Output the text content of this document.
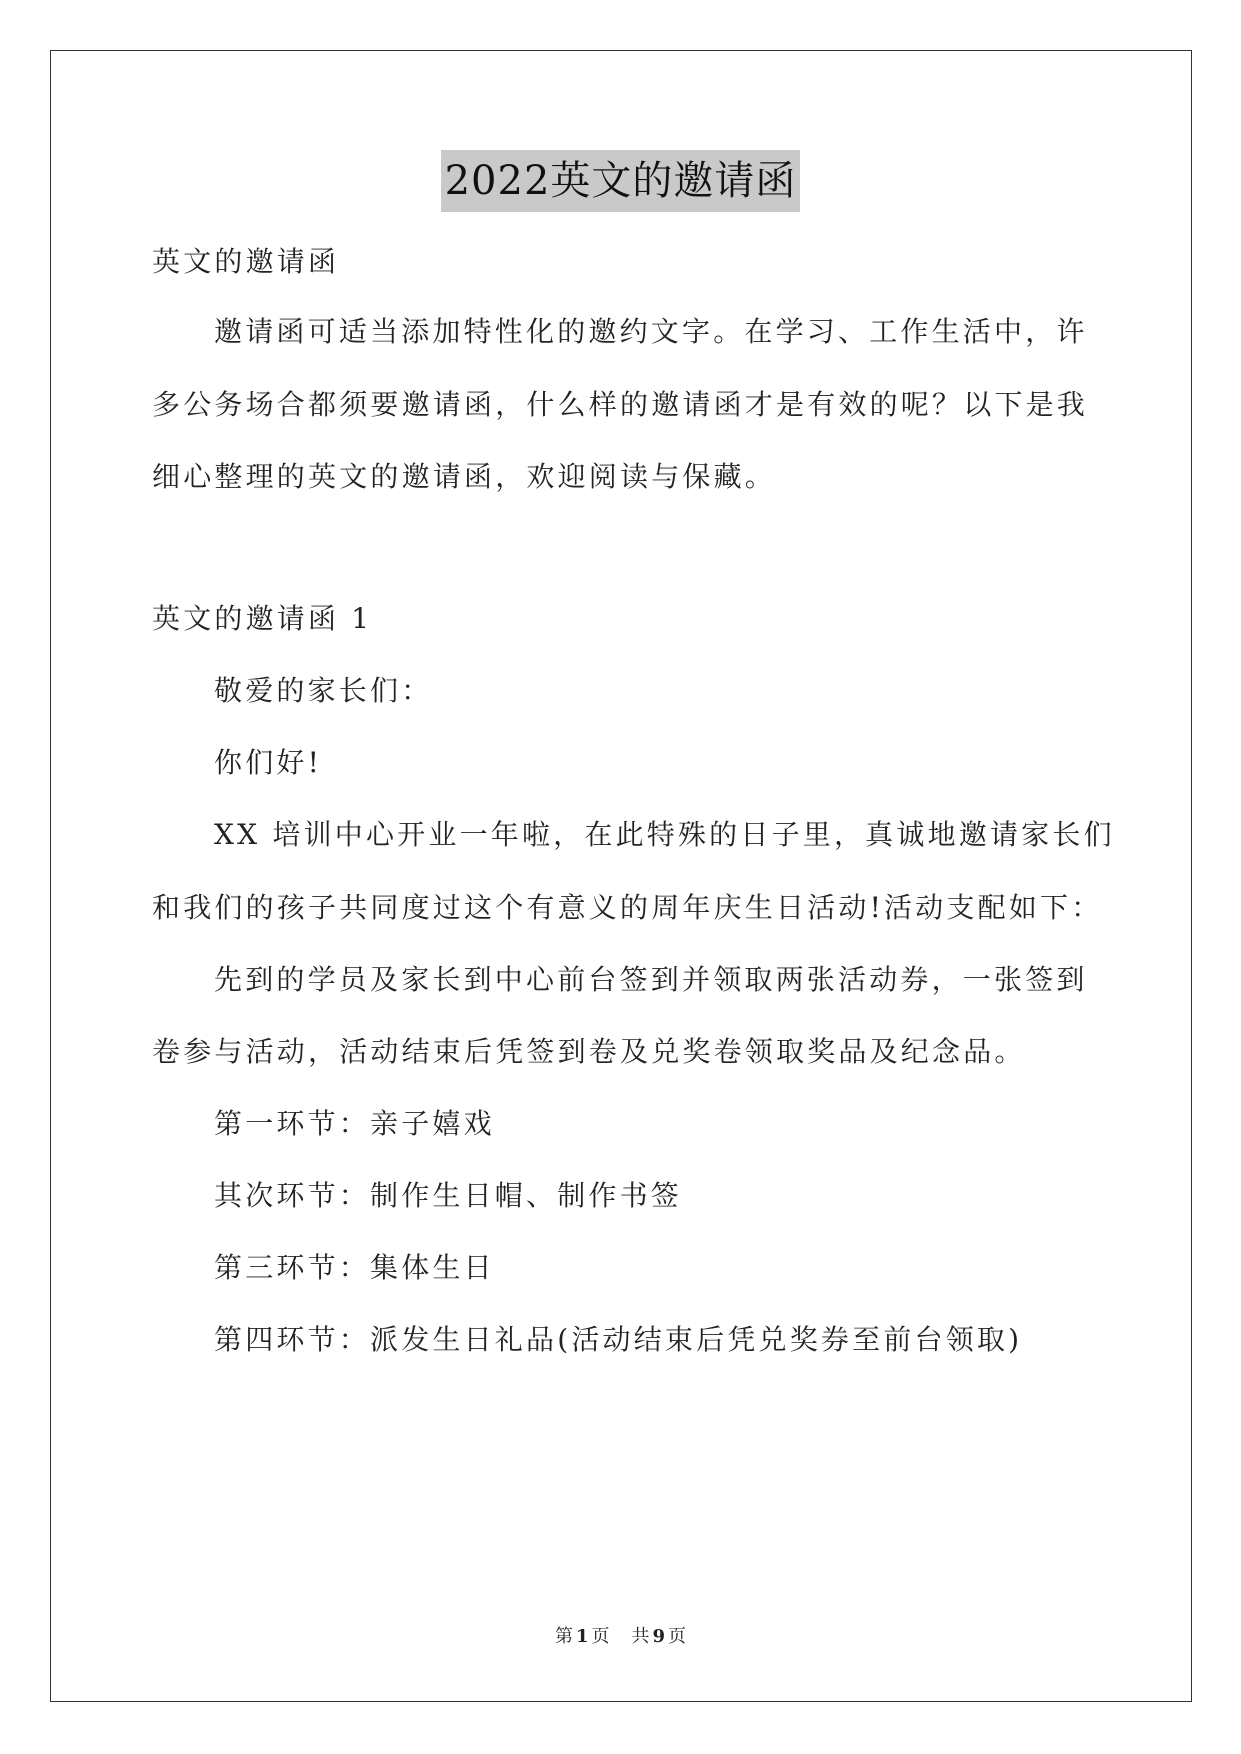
2022英文的邀请函
英文的邀请函
邀请函可适当添加特性化的邀约文字。在学习、工作生活中，许
多公务场合都须要邀请函，什么样的邀请函才是有效的呢？以下是我
细心整理的英文的邀请函，欢迎阅读与保藏。
英文的邀请函 1
敬爱的家长们：
你们好!
XX 培训中心开业一年啦，在此特殊的日子里，真诚地邀请家长们
和我们的孩子共同度过这个有意义的周年庆生日活动!活动支配如下：
先到的学员及家长到中心前台签到并领取两张活动券，一张签到
卷参与活动，活动结束后凭签到卷及兑奖卷领取奖品及纪念品。
第一环节：亲子嬉戏
其次环节：制作生日帽、制作书签
第三环节：集体生日
第四环节：派发生日礼品(活动结束后凭兑奖券至前台领取)
第 1 页 共 9 页
